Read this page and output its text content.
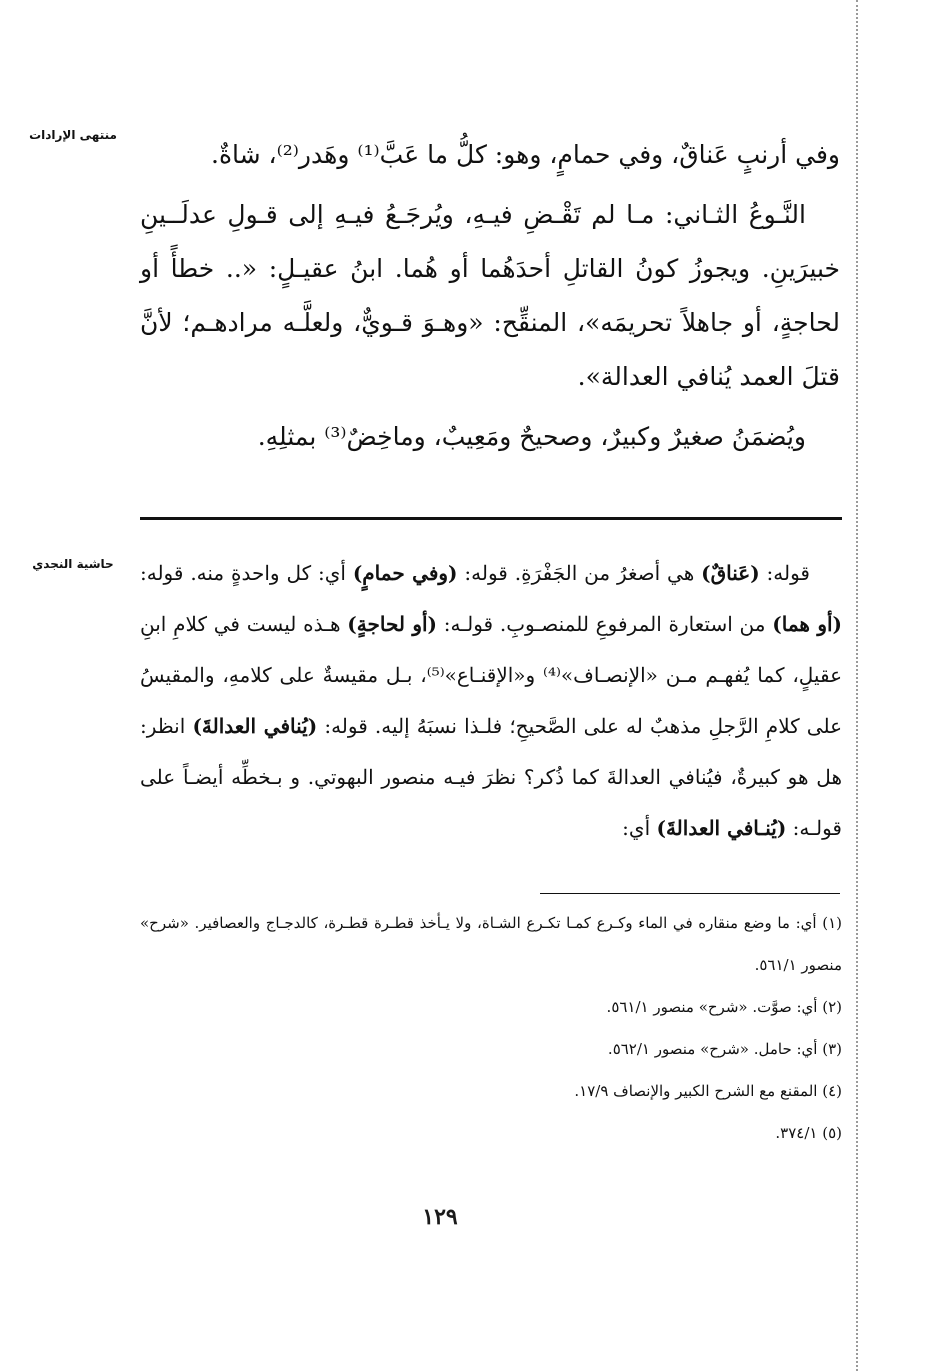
منتهى الإرادات
حاشية النجدي

وفي أرنبٍ عَناقٌ، وفي حمامٍ، وهو: كلُّ ما عَبَّ⁽¹⁾ وهَدر⁽²⁾، شاةٌ.

النَّـوعُ الثـاني: مـا لم تَقْـضِ فيـهِ، ويُرجَـعُ فيـهِ إلى قـولِ عدلَــينِ خبيرَينِ. ويجوزُ كونُ القاتلِ أحدَهُما أو هُما. ابنُ عقيـلٍ: «.. خطأً أو لحاجةٍ، أو جاهلاً تحريمَه»، المنقِّح: «وهـوَ قـويٌّ، ولعلَّـه مرادهـم؛ لأنَّ قتلَ العمد يُنافي العدالة».

ويُضمَنُ صغيرٌ وكبيرٌ، وصحيحٌ ومَعِيبٌ، وماخِضٌ⁽³⁾ بمثلِهِ.

قوله: (عَناقٌ) هي أصغرُ من الجَفْرَةِ. قوله: (وفي حمامٍ) أي: كل واحدةٍ منه. قوله: (أو هما) من استعارة المرفوعِ للمنصـوبِ. قولـه: (أو لحاجةٍ) هـذه ليست في كلامِ ابنِ عقيلٍ، كما يُفهـم مـن «الإنصـاف»⁽⁴⁾ و«الإقنـاع»⁽⁵⁾، بـل مقيسةٌ على كلامهِ، والمقيسُ على كلامِ الرَّجلِ مذهبٌ له على الصَّحيحِ؛ فلـذا نسبَهُ إليه. قوله: (يُنافي العدالةَ) انظر: هل هو كبيرةٌ، فيُنافي العدالةَ كما ذُكر؟ نظرَ فيـه منصور البهوتي. و بـخطِّه أيضـاً على قولـه: (يُنـافي العدالةَ) أي:

(١) أي: ما وضع منقاره في الماء وكـرع كمـا تكـرع الشـاة، ولا يـأخذ قطـرة قطـرة، كالدجـاج والعصافير. «شرح» منصور ٥٦١/١.

(٢) أي: صوَّت. «شرح» منصور ٥٦١/١.

(٣) أي: حامل. «شرح» منصور ٥٦٢/١.

(٤) المقنع مع الشرح الكبير والإنصاف ١٧/٩.

(٥) ٣٧٤/١.

١٢٩
